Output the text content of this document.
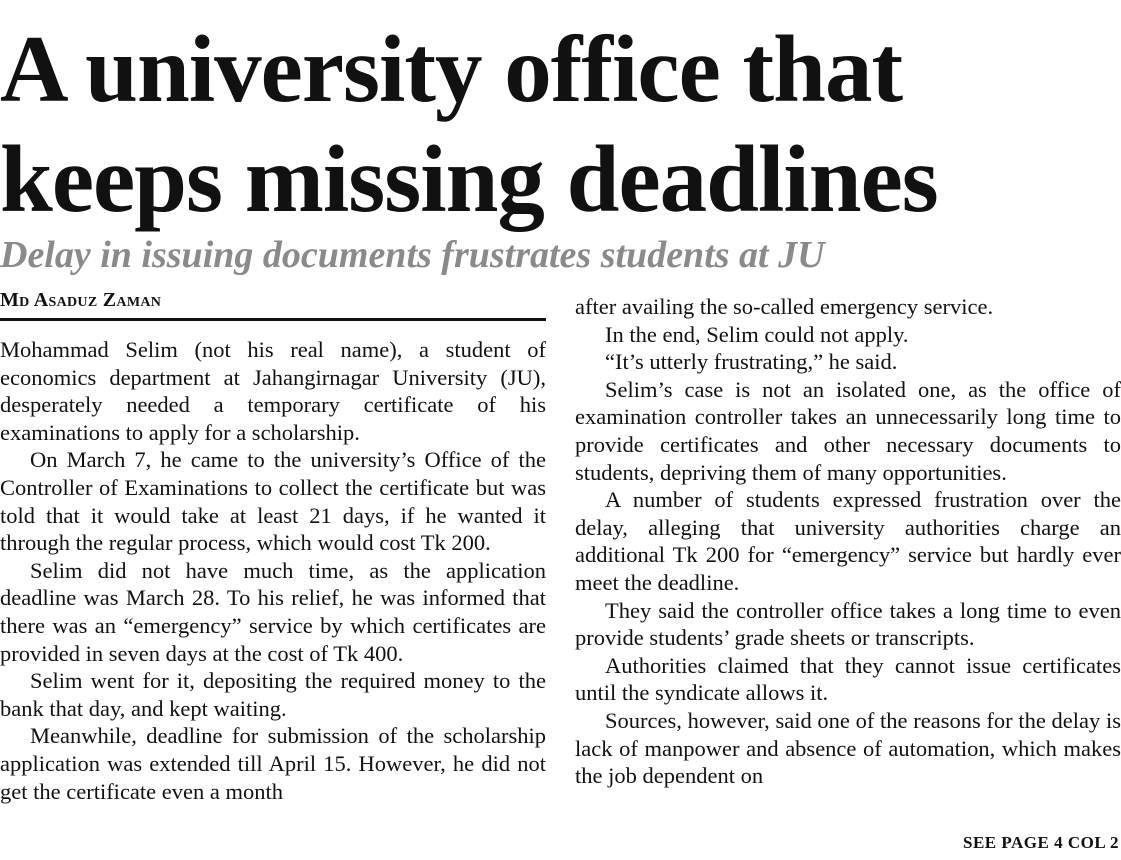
A university office that
keeps missing deadlines
Delay in issuing documents frustrates students at JU
Md Asaduz Zaman

Mohammad Selim (not his real name), a student of economics department at Jahangirnagar University (JU), desperately needed a temporary certificate of his examinations to apply for a scholarship.

On March 7, he came to the university’s Office of the Controller of Examinations to collect the certificate but was told that it would take at least 21 days, if he wanted it through the regular process, which would cost Tk 200.

Selim did not have much time, as the application deadline was March 28. To his relief, he was informed that there was an “emergency” service by which certificates are provided in seven days at the cost of Tk 400.

Selim went for it, depositing the required money to the bank that day, and kept waiting.

Meanwhile, deadline for submission of the scholarship application was extended till April 15. However, he did not get the certificate even a month

after availing the so-called emergency service.

In the end, Selim could not apply.

“It’s utterly frustrating,” he said.

Selim’s case is not an isolated one, as the office of examination controller takes an unnecessarily long time to provide certificates and other necessary documents to students, depriving them of many opportunities.

A number of students expressed frustration over the delay, alleging that university authorities charge an additional Tk 200 for “emergency” service but hardly ever meet the deadline.

They said the controller office takes a long time to even provide students’ grade sheets or transcripts.

Authorities claimed that they cannot issue certificates until the syndicate allows it.

Sources, however, said one of the reasons for the delay is lack of manpower and absence of automation, which makes the job dependent on

SEE PAGE 4 COL 2
